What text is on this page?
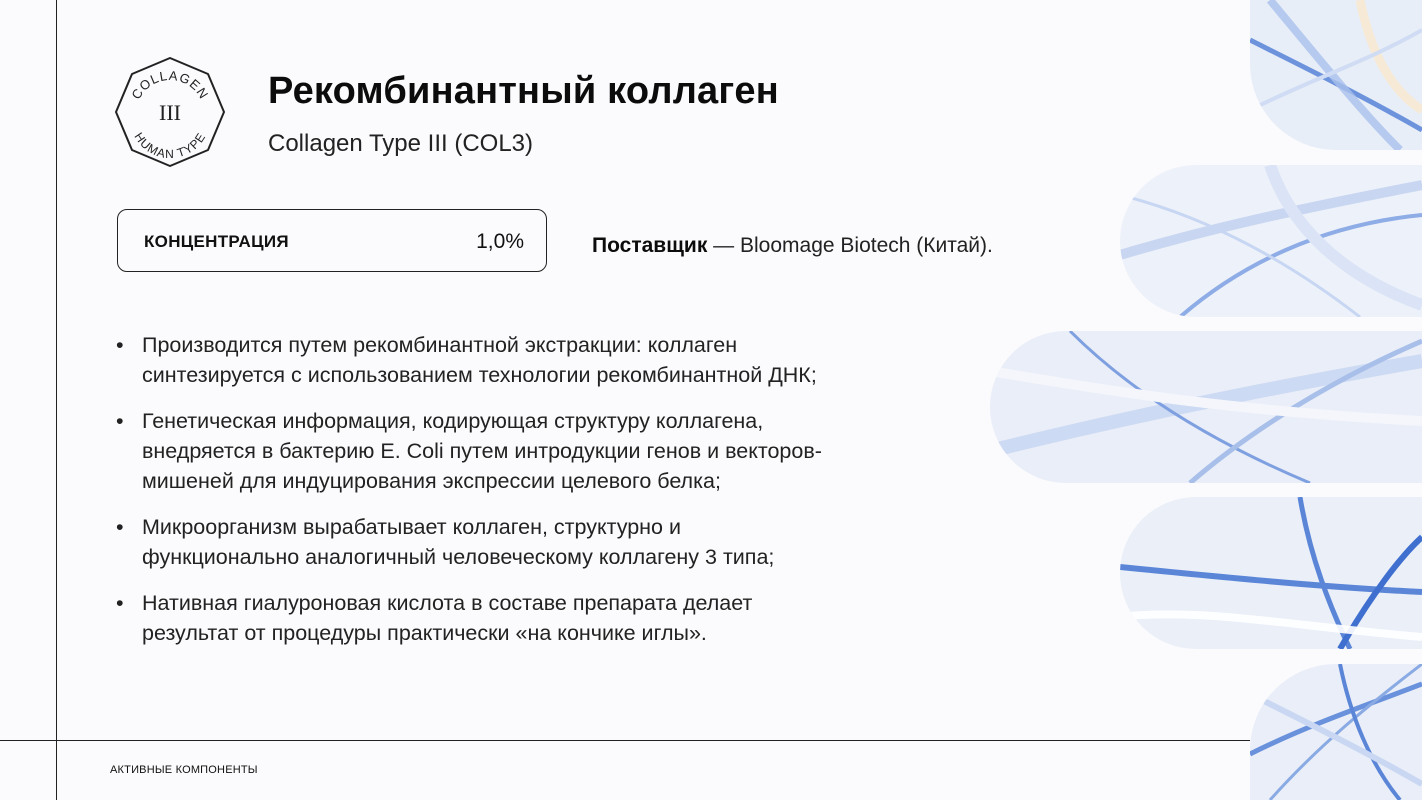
COLLAGEN
III
HUMAN TYPE
Рекомбинантный коллаген
Collagen Type III (COL3)
КОНЦЕНТРАЦИЯ	1,0%	Поставщик — Bloomage Biotech (Китай).
• Производится путем рекомбинантной экстракции: коллаген
синтезируется с использованием технологии рекомбинантной ДНК;
• Генетическая информация, кодирующая структуру коллагена,
внедряется в бактерию E. Coli путем интродукции генов и векторов-
мишеней для индуцирования экспрессии целевого белка;
• Микроорганизм вырабатывает коллаген, структурно и
функционально аналогичный человеческому коллагену 3 типа;
• Нативная гиалуроновая кислота в составе препарата делает
результат от процедуры практически «на кончике иглы».
АКТИВНЫЕ КОМПОНЕНТЫ
